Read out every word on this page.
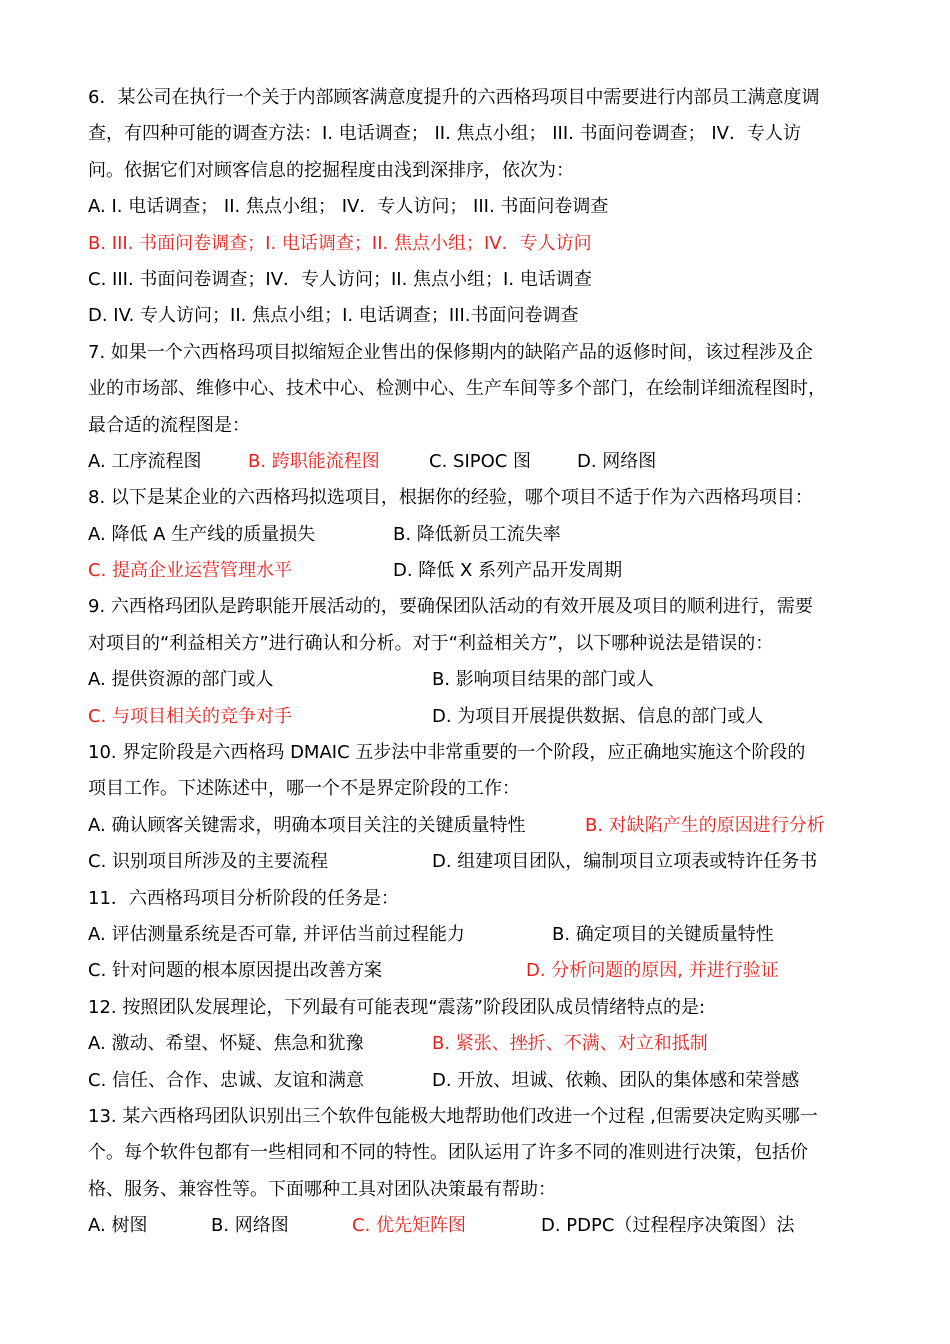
6．某公司在执行一个关于内部顾客满意度提升的六西格玛项目中需要进行内部员工满意度调
查，有四种可能的调查方法：I. 电话调查； II. 焦点小组； III. 书面问卷调查； IV．专人访
问。依据它们对顾客信息的挖掘程度由浅到深排序，依次为：
A. I. 电话调查； II. 焦点小组； IV．专人访问； III. 书面问卷调查
B. III. 书面问卷调查；I. 电话调查；II. 焦点小组；IV．专人访问
C. III. 书面问卷调查；IV．专人访问；II. 焦点小组；I. 电话调查
D. IV. 专人访问；II. 焦点小组；I. 电话调查；III.书面问卷调查
7. 如果一个六西格玛项目拟缩短企业售出的保修期内的缺陷产品的返修时间，该过程涉及企
业的市场部、维修中心、技术中心、检测中心、生产车间等多个部门，在绘制详细流程图时，
最合适的流程图是：
A. 工序流程图	B. 跨职能流程图	C. SIPOC 图	D. 网络图
8. 以下是某企业的六西格玛拟选项目，根据你的经验，哪个项目不适于作为六西格玛项目：
A. 降低 A 生产线的质量损失	B. 降低新员工流失率
C. 提高企业运营管理水平	D. 降低 X 系列产品开发周期
9. 六西格玛团队是跨职能开展活动的，要确保团队活动的有效开展及项目的顺利进行，需要
对项目的“利益相关方”进行确认和分析。对于“利益相关方”，以下哪种说法是错误的：
A. 提供资源的部门或人	B. 影响项目结果的部门或人
C. 与项目相关的竞争对手	D. 为项目开展提供数据、信息的部门或人
10. 界定阶段是六西格玛 DMAIC 五步法中非常重要的一个阶段，应正确地实施这个阶段的
项目工作。下述陈述中，哪一个不是界定阶段的工作：
A. 确认顾客关键需求，明确本项目关注的关键质量特性	B. 对缺陷产生的原因进行分析
C. 识别项目所涉及的主要流程	D. 组建项目团队，编制项目立项表或特许任务书
11．六西格玛项目分析阶段的任务是：
A. 评估测量系统是否可靠, 并评估当前过程能力	B. 确定项目的关键质量特性
C. 针对问题的根本原因提出改善方案	D. 分析问题的原因, 并进行验证
12. 按照团队发展理论，下列最有可能表现“震荡”阶段团队成员情绪特点的是:
A. 激动、希望、怀疑、焦急和犹豫	B. 紧张、挫折、不满、对立和抵制
C. 信任、合作、忠诚、友谊和满意	D. 开放、坦诚、依赖、团队的集体感和荣誉感
13. 某六西格玛团队识别出三个软件包能极大地帮助他们改进一个过程 ,但需要决定购买哪一
个。每个软件包都有一些相同和不同的特性。团队运用了许多不同的准则进行决策，包括价
格、服务、兼容性等。下面哪种工具对团队决策最有帮助：
A. 树图	B. 网络图	C. 优先矩阵图	D. PDPC（过程程序决策图）法
